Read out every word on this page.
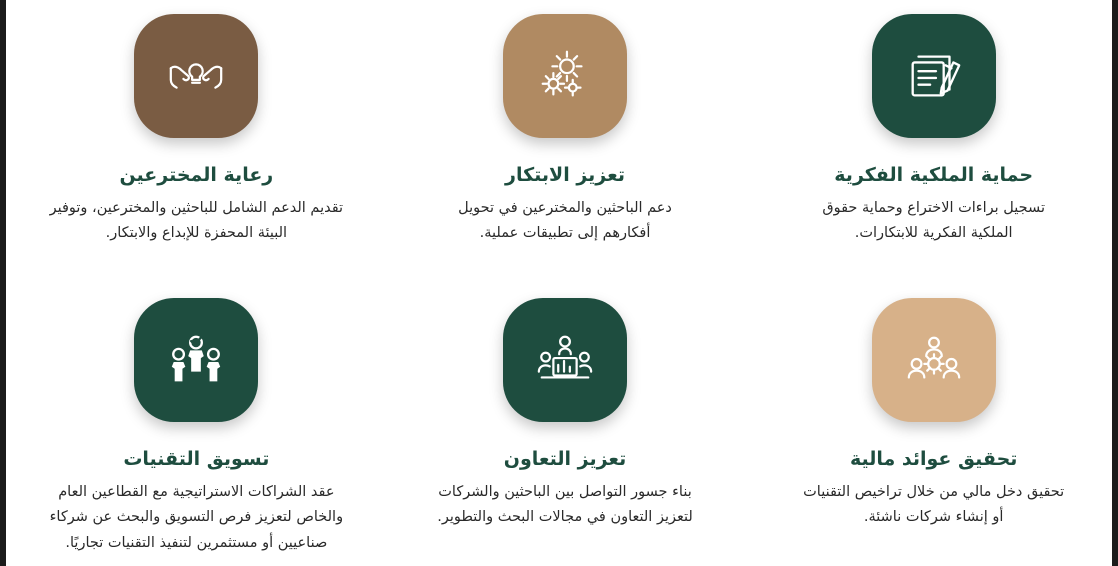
حماية الملكية الفكرية
تسجيل براءات الاختراع وحماية حقوق الملكية الفكرية للابتكارات.
تعزيز الابتكار
دعم الباحثين والمخترعين في تحويل أفكارهم إلى تطبيقات عملية.
رعاية المخترعين
تقديم الدعم الشامل للباحثين والمخترعين، وتوفير البيئة المحفزة للإبداع والابتكار.
تحقيق عوائد مالية
تحقيق دخل مالي من خلال تراخيص التقنيات أو إنشاء شركات ناشئة.
تعزيز التعاون
بناء جسور التواصل بين الباحثين والشركات لتعزيز التعاون في مجالات البحث والتطوير.
تسويق التقنيات
عقد الشراكات الاستراتيجية مع القطاعين العام والخاص لتعزيز فرص التسويق والبحث عن شركاء صناعيين أو مستثمرين لتنفيذ التقنيات تجاريًا.
